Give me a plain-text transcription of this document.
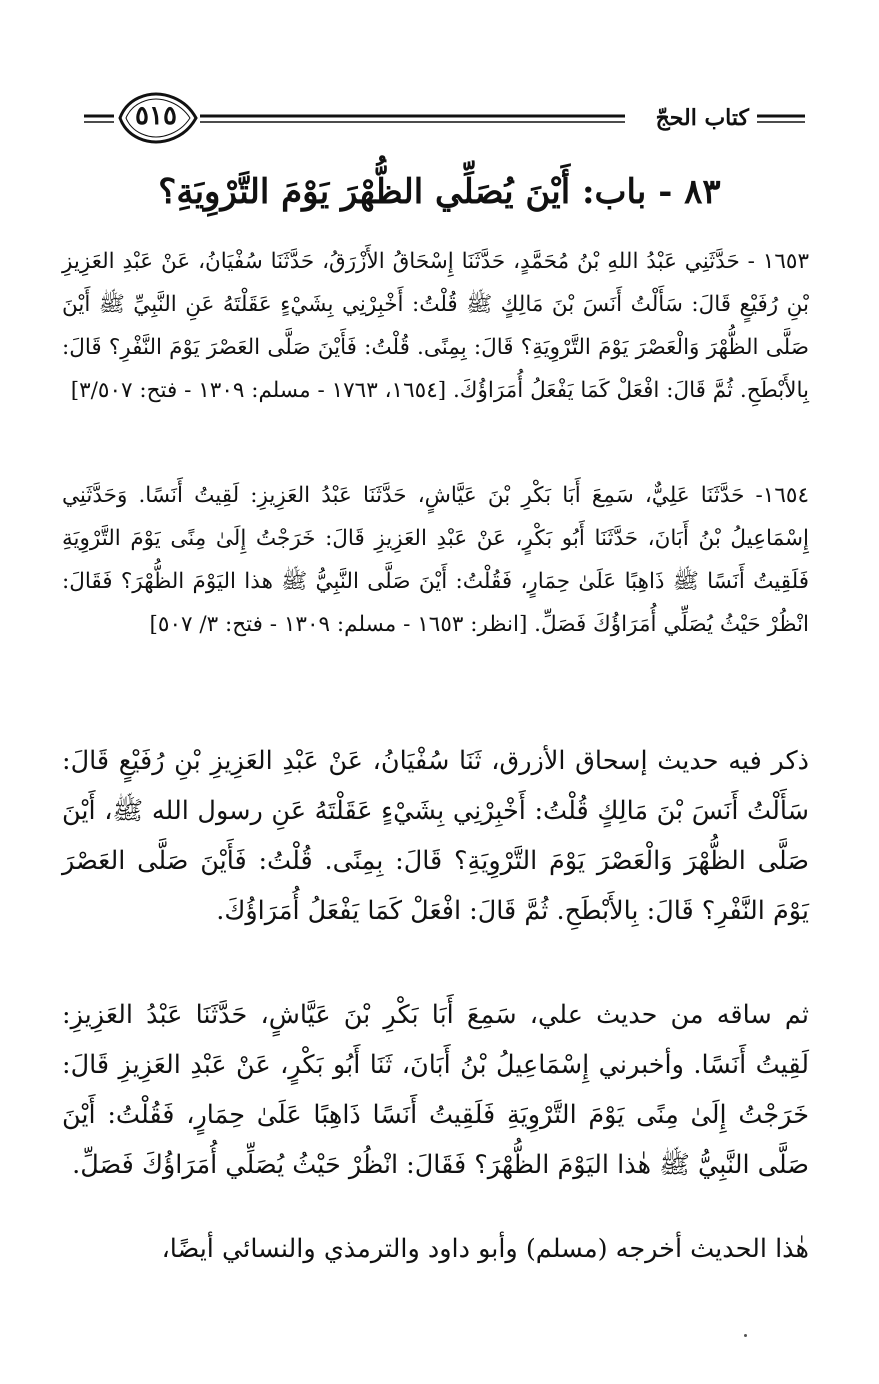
٥١٥	كتاب الحجّ
٨٣ - باب: أَيْنَ يُصَلِّي الظُّهْرَ يَوْمَ التَّرْوِيَةِ؟

١٦٥٣ - حَدَّثَنِي عَبْدُ اللهِ بْنُ مُحَمَّدٍ، حَدَّثَنَا إِسْحَاقُ الأَزْرَقُ، حَدَّثَنَا سُفْيَانُ، عَنْ عَبْدِ العَزِيزِ بْنِ رُفَيْعٍ قَالَ: سَأَلْتُ أَنَسَ بْنَ مَالِكٍ ﷺ قُلْتُ: أَخْبِرْنِي بِشَيْءٍ عَقَلْتَهُ عَنِ النَّبِيِّ ﷺ أَيْنَ صَلَّى الظُّهْرَ وَالْعَصْرَ يَوْمَ التَّرْوِيَةِ؟ قَالَ: بِمِنًى. قُلْتُ: فَأَيْنَ صَلَّى العَصْرَ يَوْمَ النَّفْرِ؟ قَالَ: بِالأَبْطَحِ. ثُمَّ قَالَ: افْعَلْ كَمَا يَفْعَلُ أُمَرَاؤُكَ. [١٦٥٤، ١٧٦٣ - مسلم: ١٣٠٩ - فتح: ٣/٥٠٧]

١٦٥٤- حَدَّثَنَا عَلِيٌّ، سَمِعَ أَبَا بَكْرِ بْنَ عَيَّاشٍ، حَدَّثَنَا عَبْدُ العَزِيزِ: لَقِيتُ أَنَسًا. وَحَدَّثَنِي إِسْمَاعِيلُ بْنُ أَبَانَ، حَدَّثَنَا أَبُو بَكْرٍ، عَنْ عَبْدِ العَزِيزِ قَالَ: خَرَجْتُ إِلَىٰ مِنًى يَوْمَ التَّرْوِيَةِ فَلَقِيتُ أَنَسًا ﷺ ذَاهِبًا عَلَىٰ حِمَارٍ، فَقُلْتُ: أَيْنَ صَلَّى النَّبِيُّ ﷺ هذا اليَوْمَ الظُّهْرَ؟ فَقَالَ: انْظُرْ حَيْثُ يُصَلِّي أُمَرَاؤُكَ فَصَلِّ. [انظر: ١٦٥٣ - مسلم: ١٣٠٩ - فتح: ٣/ ٥٠٧]

ذكر فيه حديث إسحاق الأزرق، ثَنَا سُفْيَانُ، عَنْ عَبْدِ العَزِيزِ بْنِ رُفَيْعٍ قَالَ: سَأَلْتُ أَنَسَ بْنَ مَالِكٍ قُلْتُ: أَخْبِرْنِي بِشَيْءٍ عَقَلْتَهُ عَنِ رسول الله ﷺ، أَيْنَ صَلَّى الظُّهْرَ وَالْعَصْرَ يَوْمَ التَّرْوِيَةِ؟ قَالَ: بِمِنًى. قُلْتُ: فَأَيْنَ صَلَّى العَصْرَ يَوْمَ النَّفْرِ؟ قَالَ: بِالأَبْطَحِ. ثُمَّ قَالَ: افْعَلْ كَمَا يَفْعَلُ أُمَرَاؤُكَ.

ثم ساقه من حديث علي، سَمِعَ أَبَا بَكْرِ بْنَ عَيَّاشٍ، حَدَّثَنَا عَبْدُ العَزِيزِ: لَقِيتُ أَنَسًا. وأخبرني إِسْمَاعِيلُ بْنُ أَبَانَ، ثَنَا أَبُو بَكْرٍ، عَنْ عَبْدِ العَزِيزِ قَالَ: خَرَجْتُ إِلَىٰ مِنًى يَوْمَ التَّرْوِيَةِ فَلَقِيتُ أَنَسًا ذَاهِبًا عَلَىٰ حِمَارٍ، فَقُلْتُ: أَيْنَ صَلَّى النَّبِيُّ ﷺ هٰذا اليَوْمَ الظُّهْرَ؟ فَقَالَ: انْظُرْ حَيْثُ يُصَلِّي أُمَرَاؤُكَ فَصَلِّ.

هٰذا الحديث أخرجه (مسلم) وأبو داود والترمذي والنسائي أيضًا،
